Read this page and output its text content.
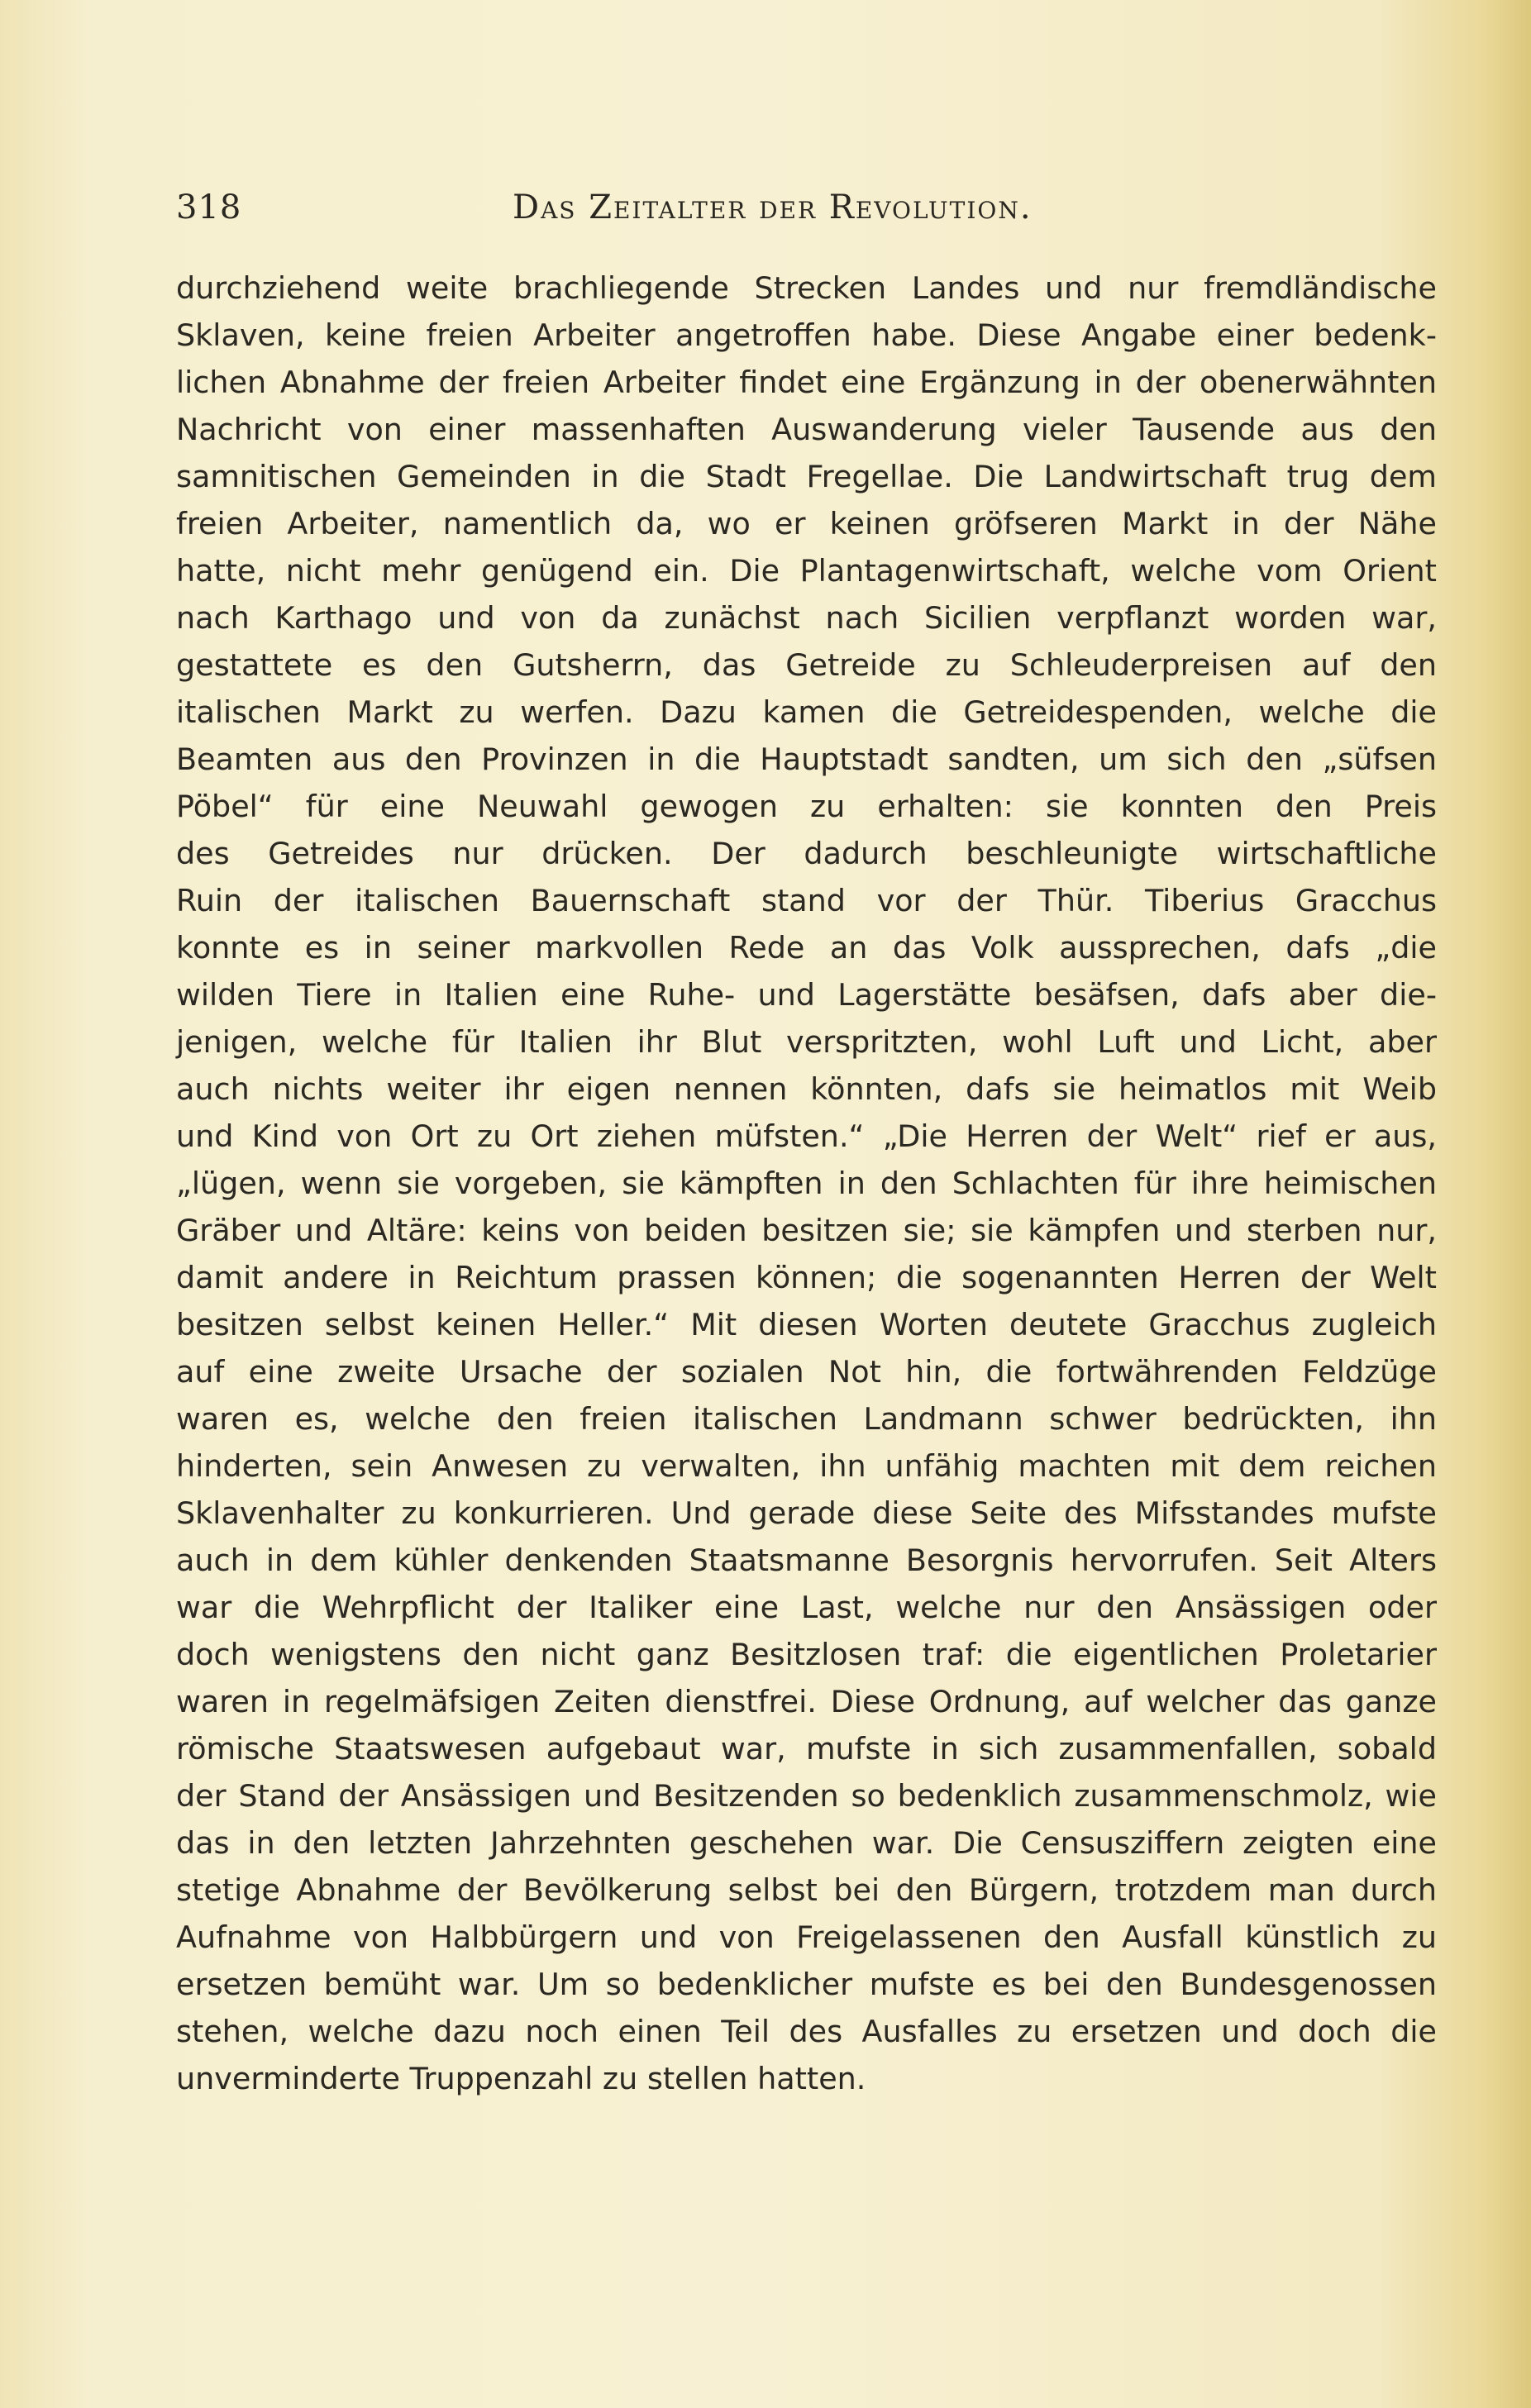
318	Das Zeitalter der Revolution.
durchziehend weite brachliegende Strecken Landes und nur fremdländische
Sklaven, keine freien Arbeiter angetroffen habe. Diese Angabe einer bedenk-
lichen Abnahme der freien Arbeiter findet eine Ergänzung in der obenerwähnten
Nachricht von einer massenhaften Auswanderung vieler Tausende aus den
samnitischen Gemeinden in die Stadt Fregellae. Die Landwirtschaft trug dem
freien Arbeiter, namentlich da, wo er keinen gröfseren Markt in der Nähe
hatte, nicht mehr genügend ein. Die Plantagenwirtschaft, welche vom Orient
nach Karthago und von da zunächst nach Sicilien verpflanzt worden war,
gestattete es den Gutsherrn, das Getreide zu Schleuderpreisen auf den
italischen Markt zu werfen. Dazu kamen die Getreidespenden, welche die
Beamten aus den Provinzen in die Hauptstadt sandten, um sich den „süfsen
Pöbel“ für eine Neuwahl gewogen zu erhalten: sie konnten den Preis
des Getreides nur drücken. Der dadurch beschleunigte wirtschaftliche
Ruin der italischen Bauernschaft stand vor der Thür. Tiberius Gracchus
konnte es in seiner markvollen Rede an das Volk aussprechen, dafs „die
wilden Tiere in Italien eine Ruhe- und Lagerstätte besäfsen, dafs aber die-
jenigen, welche für Italien ihr Blut verspritzten, wohl Luft und Licht, aber
auch nichts weiter ihr eigen nennen könnten, dafs sie heimatlos mit Weib
und Kind von Ort zu Ort ziehen müfsten.“ „Die Herren der Welt“ rief er aus,
„lügen, wenn sie vorgeben, sie kämpften in den Schlachten für ihre heimischen
Gräber und Altäre: keins von beiden besitzen sie; sie kämpfen und sterben nur,
damit andere in Reichtum prassen können; die sogenannten Herren der Welt
besitzen selbst keinen Heller.“ Mit diesen Worten deutete Gracchus zugleich
auf eine zweite Ursache der sozialen Not hin, die fortwährenden Feldzüge
waren es, welche den freien italischen Landmann schwer bedrückten, ihn
hinderten, sein Anwesen zu verwalten, ihn unfähig machten mit dem reichen
Sklavenhalter zu konkurrieren. Und gerade diese Seite des Mifsstandes mufste
auch in dem kühler denkenden Staatsmanne Besorgnis hervorrufen. Seit Alters
war die Wehrpflicht der Italiker eine Last, welche nur den Ansässigen oder
doch wenigstens den nicht ganz Besitzlosen traf: die eigentlichen Proletarier
waren in regelmäfsigen Zeiten dienstfrei. Diese Ordnung, auf welcher das ganze
römische Staatswesen aufgebaut war, mufste in sich zusammenfallen, sobald
der Stand der Ansässigen und Besitzenden so bedenklich zusammenschmolz, wie
das in den letzten Jahrzehnten geschehen war. Die Censusziffern zeigten eine
stetige Abnahme der Bevölkerung selbst bei den Bürgern, trotzdem man durch
Aufnahme von Halbbürgern und von Freigelassenen den Ausfall künstlich zu
ersetzen bemüht war. Um so bedenklicher mufste es bei den Bundesgenossen
stehen, welche dazu noch einen Teil des Ausfalles zu ersetzen und doch die
unverminderte Truppenzahl zu stellen hatten.
